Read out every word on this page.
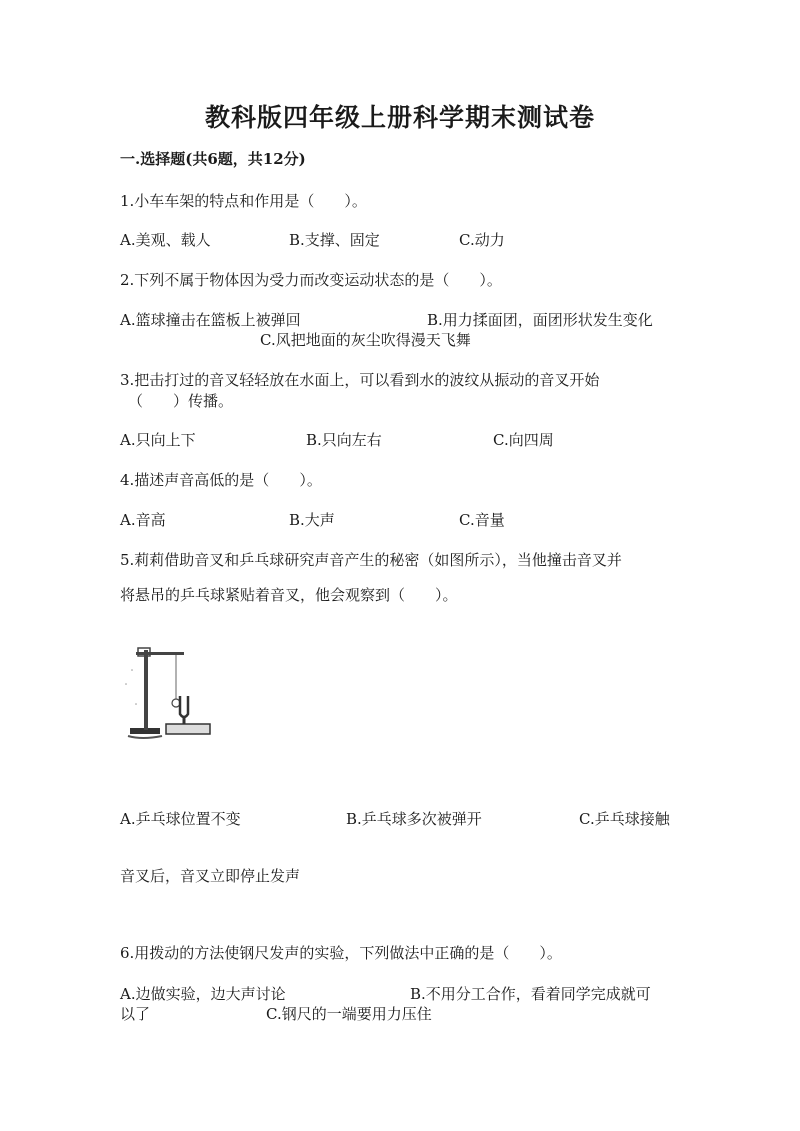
教科版四年级上册科学期末测试卷
一.选择题(共6题，共12分)
1.小车车架的特点和作用是（　　）。
A.美观、载人	B.支撑、固定	C.动力
2.下列不属于物体因为受力而改变运动状态的是（　　）。
A.篮球撞击在篮板上被弹回	B.用力揉面团，面团形状发生变化
C.风把地面的灰尘吹得漫天飞舞
3.把击打过的音叉轻轻放在水面上，可以看到水的波纹从振动的音叉开始
（　　）传播。
A.只向上下	B.只向左右	C.向四周
4.描述声音高低的是（　　）。
A.音高	B.大声	C.音量
5.莉莉借助音叉和乒乓球研究声音产生的秘密（如图所示），当他撞击音叉并
将悬吊的乒乓球紧贴着音叉，他会观察到（　　）。
A.乒乓球位置不变	B.乒乓球多次被弹开	C.乒乓球接触
音叉后，音叉立即停止发声
6.用拨动的方法使钢尺发声的实验，下列做法中正确的是（　　）。
A.边做实验，边大声讨论	B.不用分工合作，看着同学完成就可
以了	C.钢尺的一端要用力压住
